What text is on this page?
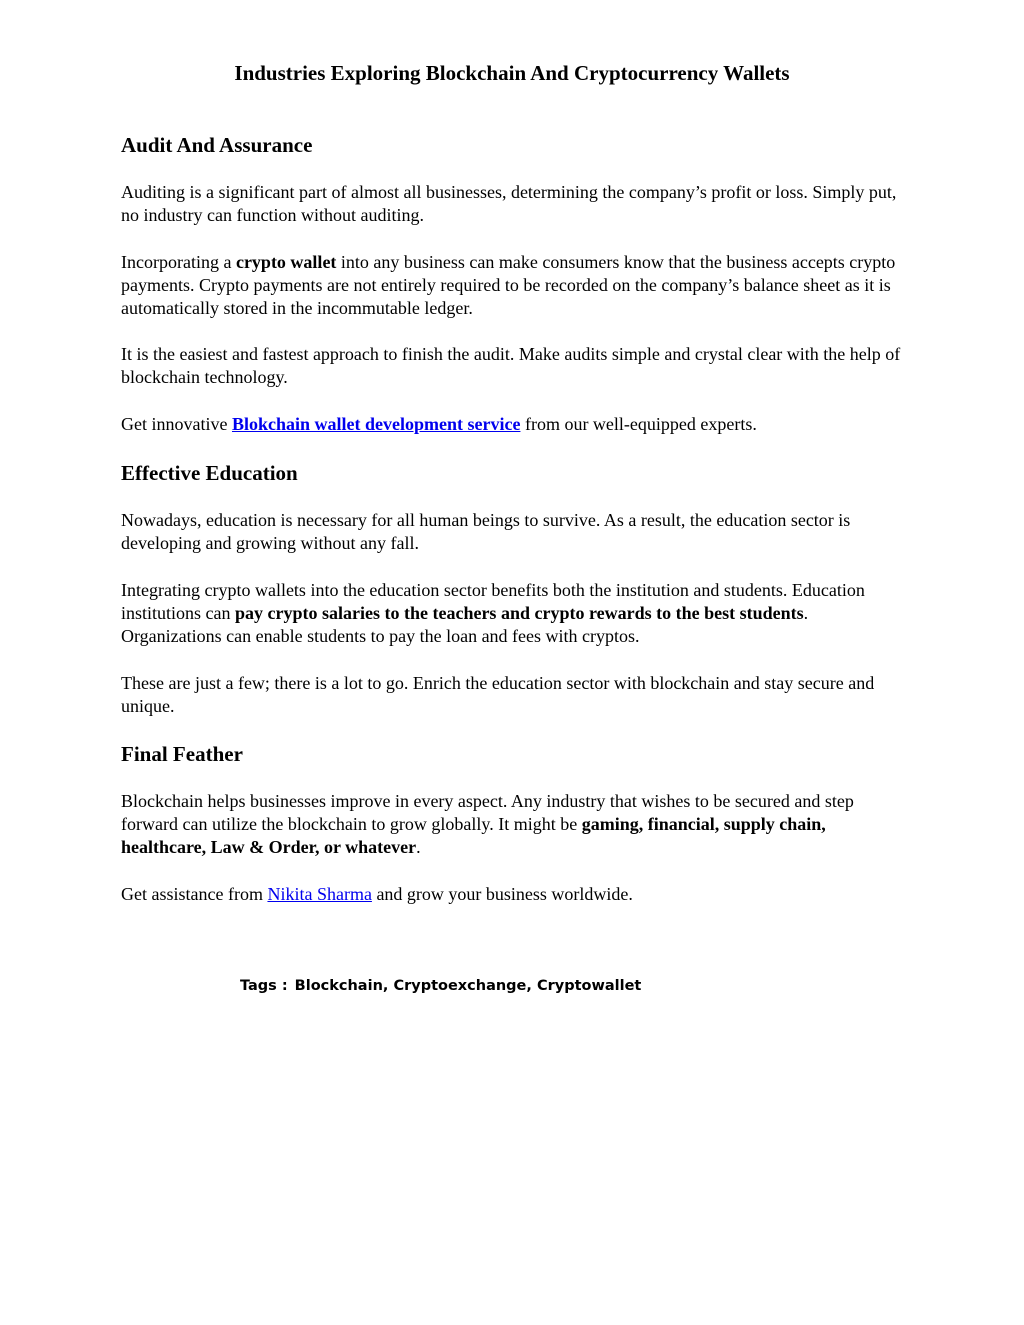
Industries Exploring Blockchain And Cryptocurrency Wallets
Audit And Assurance

Auditing is a significant part of almost all businesses, determining the company’s profit or loss. Simply put, no industry can function without auditing.

Incorporating a crypto wallet into any business can make consumers know that the business accepts crypto payments. Crypto payments are not entirely required to be recorded on the company’s balance sheet as it is automatically stored in the incommutable ledger.

It is the easiest and fastest approach to finish the audit. Make audits simple and crystal clear with the help of blockchain technology.

Get innovative Blokchain wallet development service from our well-equipped experts.

Effective Education

Nowadays, education is necessary for all human beings to survive. As a result, the education sector is developing and growing without any fall.

Integrating crypto wallets into the education sector benefits both the institution and students. Education institutions can pay crypto salaries to the teachers and crypto rewards to the best students. Organizations can enable students to pay the loan and fees with cryptos.

These are just a few; there is a lot to go. Enrich the education sector with blockchain and stay secure and unique.

Final Feather

Blockchain helps businesses improve in every aspect. Any industry that wishes to be secured and step forward can utilize the blockchain to grow globally. It might be gaming, financial, supply chain, healthcare, Law & Order, or whatever.

Get assistance from Nikita Sharma and grow your business worldwide.

Tags : Blockchain, Cryptoexchange, Cryptowallet
